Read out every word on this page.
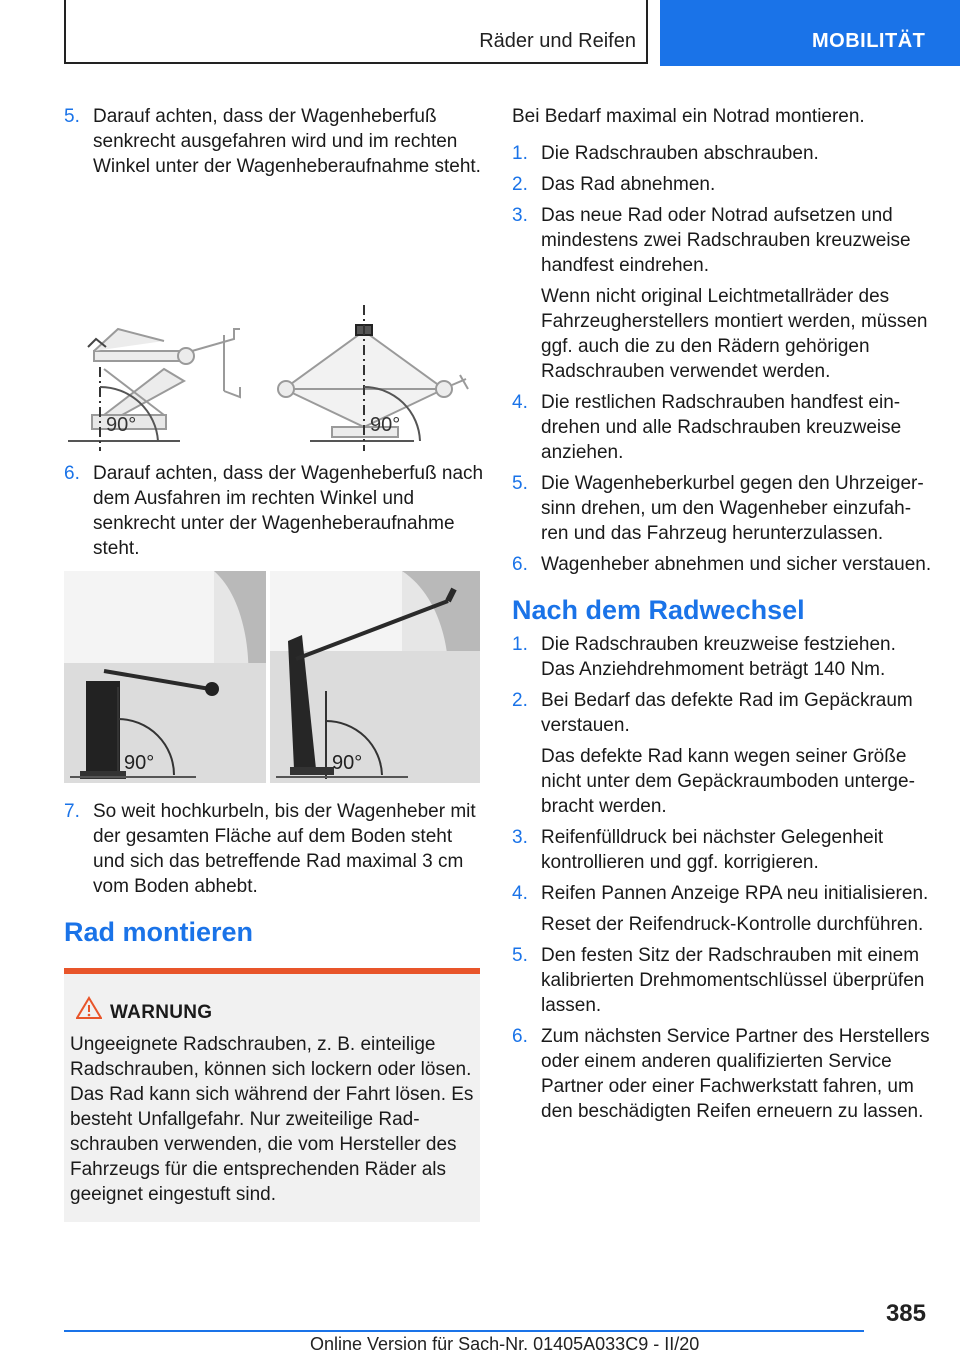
Räder und Reifen	MOBILITÄT
5. Darauf achten, dass der Wagenheberfuß senkrecht ausgefahren wird und im rechten Winkel unter der Wagenheberaufnahme steht.
90°	90°
6. Darauf achten, dass der Wagenheberfuß nach dem Ausfahren im rechten Winkel und senkrecht unter der Wagenheberaufnahme steht.
90°	90°
7. So weit hochkurbeln, bis der Wagenheber mit der gesamten Fläche auf dem Boden steht und sich das betreffende Rad maximal 3 cm vom Boden abhebt.
Rad montieren
WARNUNG
Ungeeignete Radschrauben, z. B. einteilige Radschrauben, können sich lockern oder lösen. Das Rad kann sich während der Fahrt lösen. Es besteht Unfallgefahr. Nur zweiteilige Radschrauben verwenden, die vom Hersteller des Fahrzeugs für die entsprechenden Räder als geeignet eingestuft sind.
Bei Bedarf maximal ein Notrad montieren.
1. Die Radschrauben abschrauben.
2. Das Rad abnehmen.
3. Das neue Rad oder Notrad aufsetzen und mindestens zwei Radschrauben kreuzweise handfest eindrehen.
Wenn nicht original Leichtmetallräder des Fahrzeugherstellers montiert werden, müssen ggf. auch die zu den Rädern gehörigen Radschrauben verwendet werden.
4. Die restlichen Radschrauben handfest eindrehen und alle Radschrauben kreuzweise anziehen.
5. Die Wagenheberkurbel gegen den Uhrzeigersinn drehen, um den Wagenheber einzufahren und das Fahrzeug herunterzulassen.
6. Wagenheber abnehmen und sicher verstauen.
Nach dem Radwechsel
1. Die Radschrauben kreuzweise festziehen. Das Anziehdrehmoment beträgt 140 Nm.
2. Bei Bedarf das defekte Rad im Gepäckraum verstauen.
Das defekte Rad kann wegen seiner Größe nicht unter dem Gepäckraumboden untergebracht werden.
3. Reifenfülldruck bei nächster Gelegenheit kontrollieren und ggf. korrigieren.
4. Reifen Pannen Anzeige RPA neu initialisieren.
Reset der Reifendruck-Kontrolle durchführen.
5. Den festen Sitz der Radschrauben mit einem kalibrierten Drehmomentschlüssel überprüfen lassen.
6. Zum nächsten Service Partner des Herstellers oder einem anderen qualifizierten Service Partner oder einer Fachwerkstatt fahren, um den beschädigten Reifen erneuern zu lassen.
385
Online Version für Sach-Nr. 01405A033C9 - II/20
